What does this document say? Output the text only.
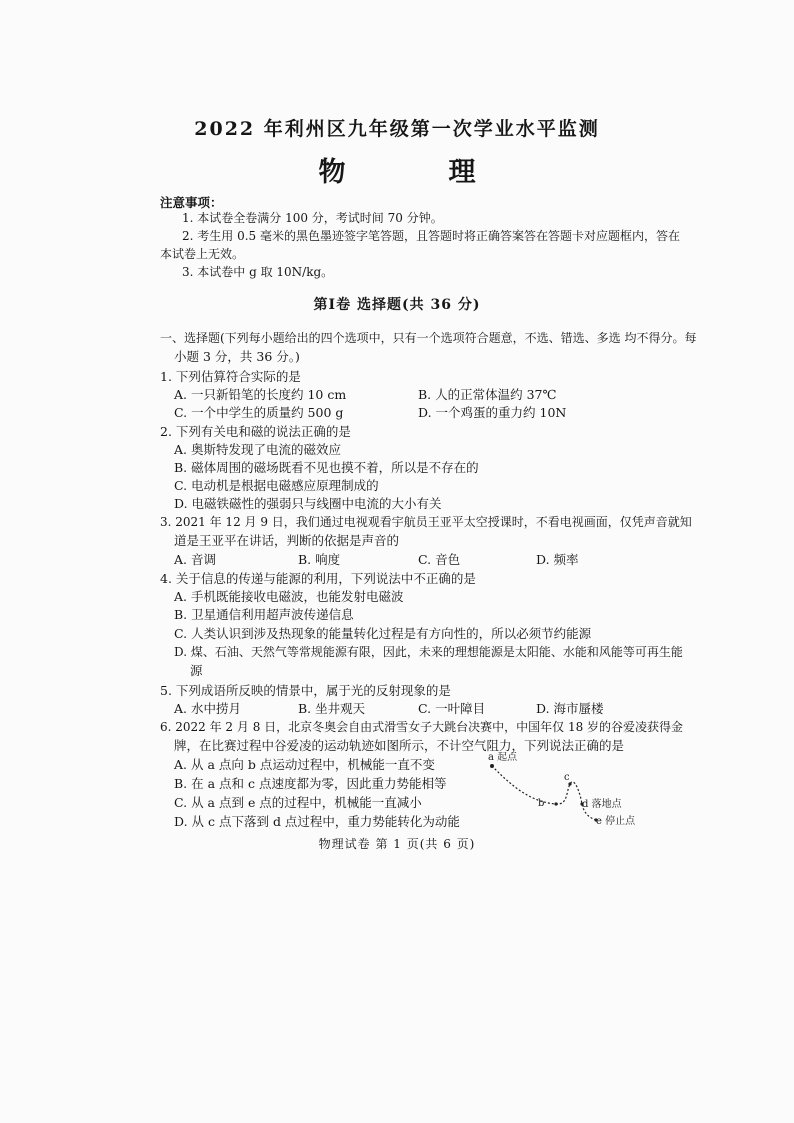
2022 年利州区九年级第一次学业水平监测
物　理
注意事项：
1. 本试卷全卷满分 100 分，考试时间 70 分钟。
2. 考生用 0.5 毫米的黑色墨迹签字笔答题，且答题时将正确答案答在答题卡对应题框内，答在
本试卷上无效。
3. 本试卷中 g 取 10N/kg。
第Ⅰ卷 选择题(共 36 分)
一、选择题(下列每小题给出的四个选项中，只有一个选项符合题意，不选、错选、多选 均不得分。每
小题 3 分，共 36 分。)
1. 下列估算符合实际的是
A. 一只新铅笔的长度约 10 cm	B. 人的正常体温约 37℃
C. 一个中学生的质量约 500 g	D. 一个鸡蛋的重力约 10N
2. 下列有关电和磁的说法正确的是
A. 奥斯特发现了电流的磁效应
B. 磁体周围的磁场既看不见也摸不着，所以是不存在的
C. 电动机是根据电磁感应原理制成的
D. 电磁铁磁性的强弱只与线圈中电流的大小有关
3. 2021 年 12 月 9 日，我们通过电视观看宇航员王亚平太空授课时，不看电视画面，仅凭声音就知
道是王亚平在讲话，判断的依据是声音的
A. 音调	B. 响度	C. 音色	D. 频率
4. 关于信息的传递与能源的利用，下列说法中不正确的是
A. 手机既能接收电磁波，也能发射电磁波
B. 卫星通信利用超声波传递信息
C. 人类认识到涉及热现象的能量转化过程是有方向性的，所以必须节约能源
D. 煤、石油、天然气等常规能源有限，因此，未来的理想能源是太阳能、水能和风能等可再生能
源
5. 下列成语所反映的情景中，属于光的反射现象的是
A. 水中捞月	B. 坐井观天	C. 一叶障目	D. 海市蜃楼
6. 2022 年 2 月 8 日，北京冬奥会自由式滑雪女子大跳台决赛中，中国年仅 18 岁的谷爱凌获得金
牌，在比赛过程中谷爱凌的运动轨迹如图所示，不计空气阻力，下列说法正确的是
A. 从 a 点向 b 点运动过程中，机械能一直不变
B. 在 a 点和 c 点速度都为零，因此重力势能相等
C. 从 a 点到 e 点的过程中，机械能一直减小
D. 从 c 点下落到 d 点过程中，重力势能转化为动能
a 起点
b
c
d 落地点
e 停止点
物理试卷 第 1 页(共 6 页)
